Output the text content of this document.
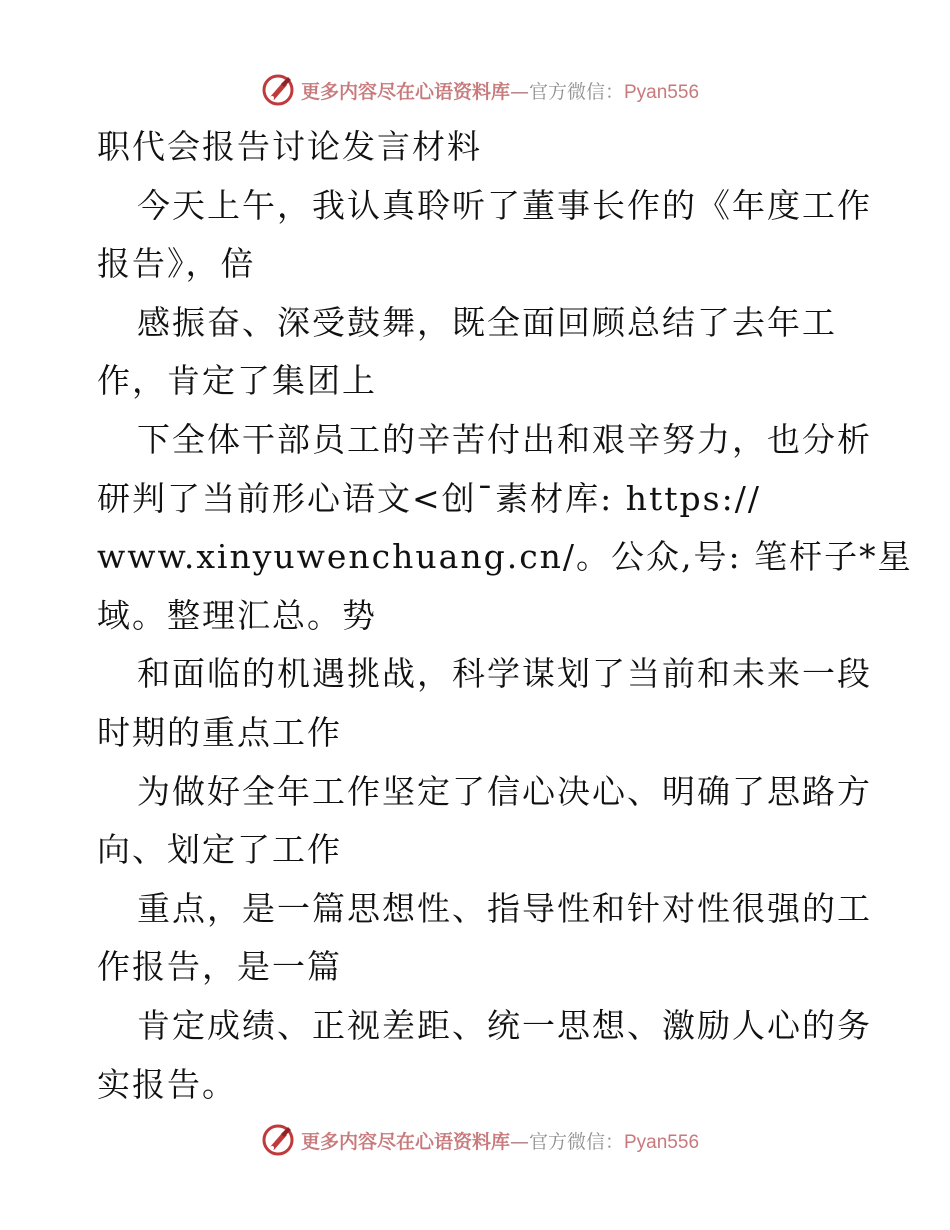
更多内容尽在心语资料库—官方微信：Pyan556
职代会报告讨论发言材料
今天上午，我认真聆听了董事长作的《年度工作
报告》，倍
感振奋、深受鼓舞，既全面回顾总结了去年工
作，肯定了集团上
下全体干部员工的辛苦付出和艰辛努力，也分析
研判了当前形心语文<创¯素材库: https://
www.xinyuwenchuang.cn/。公众,号: 笔杆子*星
域。整理汇总。势
和面临的机遇挑战，科学谋划了当前和未来一段
时期的重点工作
为做好全年工作坚定了信心决心、明确了思路方
向、划定了工作
重点，是一篇思想性、指导性和针对性很强的工
作报告，是一篇
肯定成绩、正视差距、统一思想、激励人心的务
实报告。
更多内容尽在心语资料库—官方微信：Pyan556
